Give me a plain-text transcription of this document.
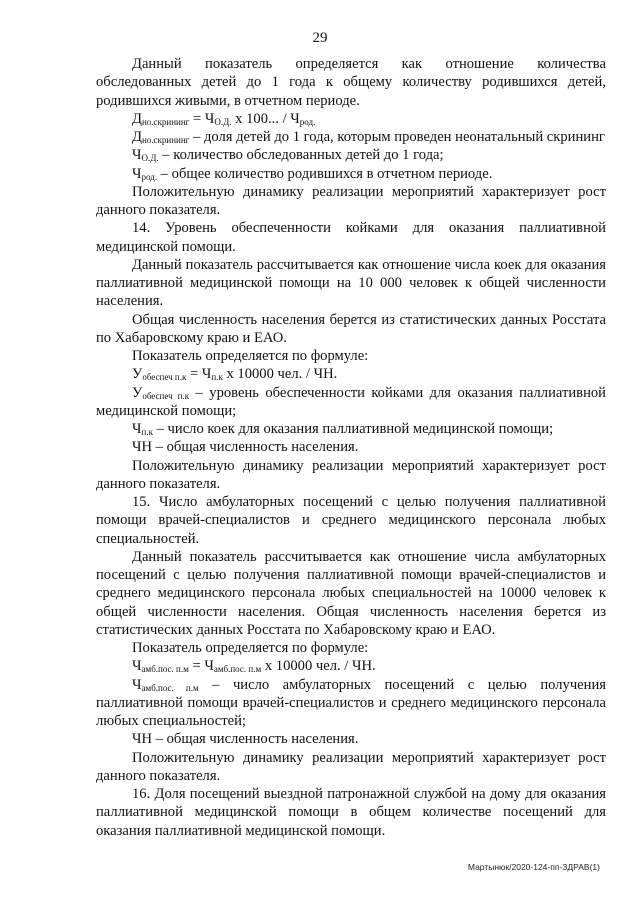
29

Данный показатель определяется как отношение количества обследованных детей до 1 года к общему количеству родившихся детей, родившихся живыми, в отчетном периоде.

$Д_{но.скрининг} = Ч_{О.Д.}$ х 100... / $Ч_{род.}$

$Д_{но.скрининг}$ – доля детей до 1 года, которым проведен неонатальный скрининг

$Ч_{О.Д.}$ – количество обследованных детей до 1 года;

$Ч_{род.}$ – общее количество родившихся в отчетном периоде.

Положительную динамику реализации мероприятий характеризует рост данного показателя.

14. Уровень обеспеченности койками для оказания паллиативной медицинской помощи.

Данный показатель рассчитывается как отношение числа коек для оказания паллиативной медицинской помощи на 10 000 человек к общей численности населения.

Общая численность населения берется из статистических данных Росстата по Хабаровскому краю и ЕАО.

Показатель определяется по формуле:

$У_{обеспеч п.к} = Ч_{п.к}$ х 10000 чел. / ЧН.

$У_{обеспеч п.к}$ – уровень обеспеченности койками для оказания паллиативной медицинской помощи;

$Ч_{п.к}$ – число коек для оказания паллиативной медицинской помощи;

ЧН – общая численность населения.

Положительную динамику реализации мероприятий характеризует рост данного показателя.

15. Число амбулаторных посещений с целью получения паллиативной помощи врачей-специалистов и среднего медицинского персонала любых специальностей.

Данный показатель рассчитывается как отношение числа амбулаторных посещений с целью получения паллиативной помощи врачей-специалистов и среднего медицинского персонала любых специальностей на 10000 человек к общей численности населения. Общая численность населения берется из статистических данных Росстата по Хабаровскому краю и ЕАО.

Показатель определяется по формуле:

$Ч_{амб.пос. п.м} = Ч_{амб.пос. п.м}$ х 10000 чел. / ЧН.

$Ч_{амб.пос. п.м}$ – число амбулаторных посещений с целью получения паллиативной помощи врачей-специалистов и среднего медицинского персонала любых специальностей;

ЧН – общая численность населения.

Положительную динамику реализации мероприятий характеризует рост данного показателя.

16. Доля посещений выездной патронажной службой на дому для оказания паллиативной медицинской помощи в общем количестве посещений для оказания паллиативной медицинской помощи.

Мартынюк/2020-124-пп-ЗДРАВ(1)
